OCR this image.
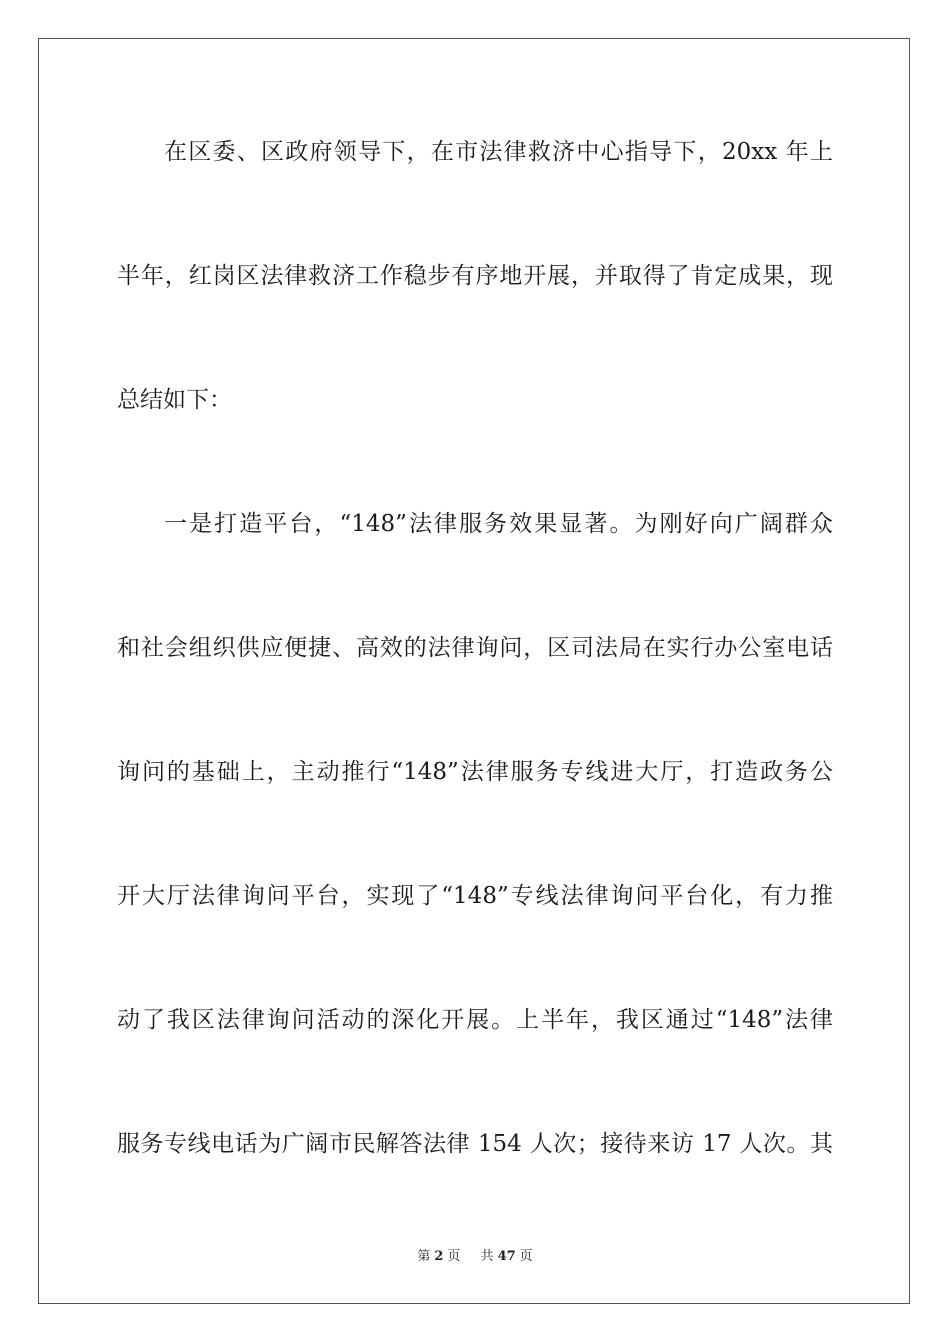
在区委、区政府领导下，在市法律救济中心指导下，20xx 年上
半年，红岗区法律救济工作稳步有序地开展，并取得了肯定成果，现
总结如下：
一是打造平台，“148”法律服务效果显著。为刚好向广阔群众
和社会组织供应便捷、高效的法律询问，区司法局在实行办公室电话
询问的基础上，主动推行“148”法律服务专线进大厅，打造政务公
开大厅法律询问平台，实现了“148”专线法律询问平台化，有力推
动了我区法律询问活动的深化开展。上半年，我区通过“148”法律
服务专线电话为广阔市民解答法律 154 人次；接待来访 17 人次。其
第 2 页 共 47 页
